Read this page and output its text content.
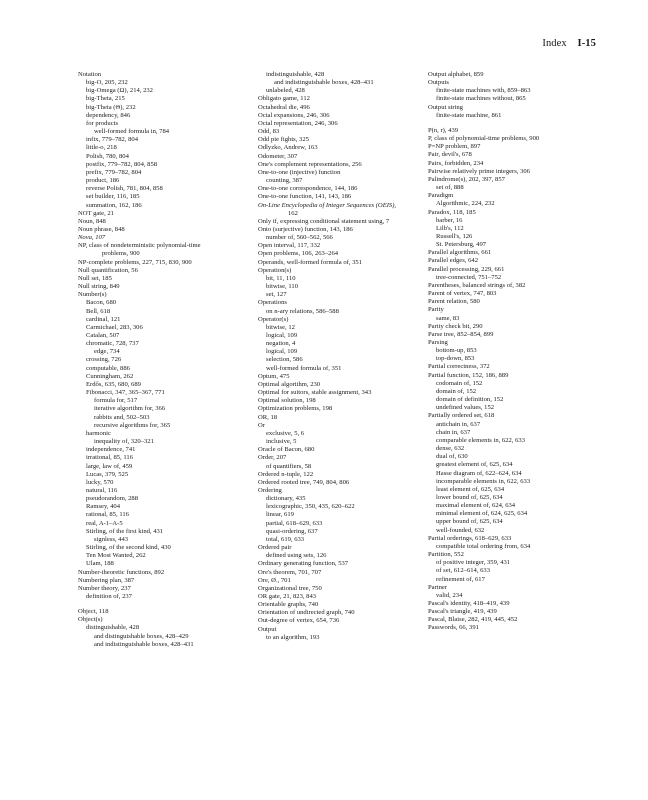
Index I-15
Notation
big-O, 205, 232
big-Omega (Ω), 214, 232
big-Theta, 215
big-Theta (Θ), 232
dependency, 846
for products
well-formed formula in, 784
infix, 779–782, 804
little-o, 218
Polish, 780, 804
postfix, 779–782, 804, 858
prefix, 779–782, 804
product, 186
reverse Polish, 781, 804, 858
set builder, 116, 185
summation, 162, 186
NOT gate, 21
Noun, 848
Noun phrase, 848
Nova, 107
NP, class of nondeterministic polynomial-time
problems, 900
NP-complete problems, 227, 715, 830, 900
Null quantification, 56
Null set, 185
Null string, 849
Number(s)
Bacon, 680
Bell, 618
cardinal, 121
Carmichael, 283, 306
Catalan, 507
chromatic, 728, 737
edge, 734
crossing, 726
computable, 886
Cunningham, 262
Erdős, 635, 680, 689
Fibonacci, 347, 365–367, 771
formula for, 517
iterative algorithm for, 366
rabbits and, 502–503
recursive algorithms for, 365
harmonic
inequality of, 320–321
independence, 741
irrational, 85, 116
large, law of, 459
Lucas, 379, 525
lucky, 570
natural, 116
pseudorandom, 288
Ramsey, 404
rational, 85, 116
real, A-1–A-5
Stirling, of the first kind, 431
signless, 443
Stirling, of the second kind, 430
Ten Most Wanted, 262
Ulam, 188
Number-theoretic functions, 892
Numbering plan, 387
Number theory, 237
definition of, 237
Object, 118
Object(s)
distinguishable, 428
and distinguishable boxes, 428–429
and indistinguishable boxes, 428–431
indistinguishable, 428
and indistinguishable boxes, 428–431
unlabeled, 428
Obligato game, 112
Octahedral die, 496
Octal expansions, 246, 306
Octal representation, 246, 306
Odd, 83
Odd pie fights, 325
Odlyzko, Andrew, 163
Odometer, 307
One's complement representations, 256
One-to-one (injective) function
counting, 387
One-to-one correspondence, 144, 186
One-to-one function, 141, 143, 186
On-Line Encyclopedia of Integer Sequences (OEIS),
162
Only if, expressing conditional statement using, 7
Onto (surjective) function, 143, 186
number of, 560–562, 566
Open interval, 117, 332
Open problems, 106, 263–264
Operands, well-formed formula of, 351
Operation(s)
bit, 11, 110
bitwise, 110
set, 127
Operations
on n-ary relations, 586–588
Operator(s)
bitwise, 12
logical, 109
negation, 4
logical, 109
selection, 586
well-formed formula of, 351
Optum, 475
Optimal algorithm, 230
Optimal for suitors, stable assignment, 343
Optimal solution, 198
Optimization problems, 198
OR, 18
Or
exclusive, 5, 6
inclusive, 5
Oracle of Bacon, 680
Order, 207
of quantifiers, 58
Ordered n-tuple, 122
Ordered rooted tree, 749, 804, 806
Ordering
dictionary, 435
lexicographic, 350, 435, 620–622
linear, 619
partial, 618–629, 633
quasi-ordering, 637
total, 619, 633
Ordered pair
defined using sets, 126
Ordinary generating function, 537
Ore's theorem, 701, 707
Ore, Ø., 701
Organizational tree, 750
OR gate, 21, 823, 843
Orientable graphs, 740
Orientation of undirected graph, 740
Out-degree of vertex, 654, 736
Output
to an algorithm, 193
Output alphabet, 859
Outputs
finite-state machines with, 859–863
finite-state machines without, 865
Output string
finite-state machine, 861
P(n, r), 439
P, class of polynomial-time problems, 900
P=NP problem, 897
Pair, devil's, 678
Pairs, forbidden, 234
Pairwise relatively prime integers, 306
Palindrome(s), 202, 397, 857
set of, 888
Paradigm
Algorithmic, 224, 232
Paradox, 118, 185
barber, 16
Lilb's, 112
Russell's, 126
St. Petersburg, 497
Parallel algorithms, 661
Parallel edges, 642
Parallel processing, 229, 661
tree-connected, 751–752
Parentheses, balanced strings of, 382
Parent of vertex, 747, 803
Parent relation, 580
Parity
same, 83
Parity check bit, 290
Parse tree, 852–854, 899
Parsing
bottom-up, 853
top-down, 853
Partial correctness, 372
Partial function, 152, 186, 889
codomain of, 152
domain of, 152
domain of definition, 152
undefined values, 152
Partially ordered set, 618
antichain in, 637
chain in, 637
comparable elements in, 622, 633
dense, 632
dual of, 630
greatest element of, 625, 634
Hasse diagram of, 622–624, 634
incomparable elements in, 622, 633
least element of, 625, 634
lower bound of, 625, 634
maximal element of, 624, 634
minimal element of, 624, 625, 634
upper bound of, 625, 634
well-founded, 632
Partial orderings, 618–629, 633
compatible total ordering from, 634
Partition, 552
of positive integer, 359, 431
of set, 612–614, 633
refinement of, 617
Partner
valid, 234
Pascal's identity, 418–419, 439
Pascal's triangle, 419, 439
Pascal, Blaise, 282, 419, 445, 452
Passwords, 66, 391
